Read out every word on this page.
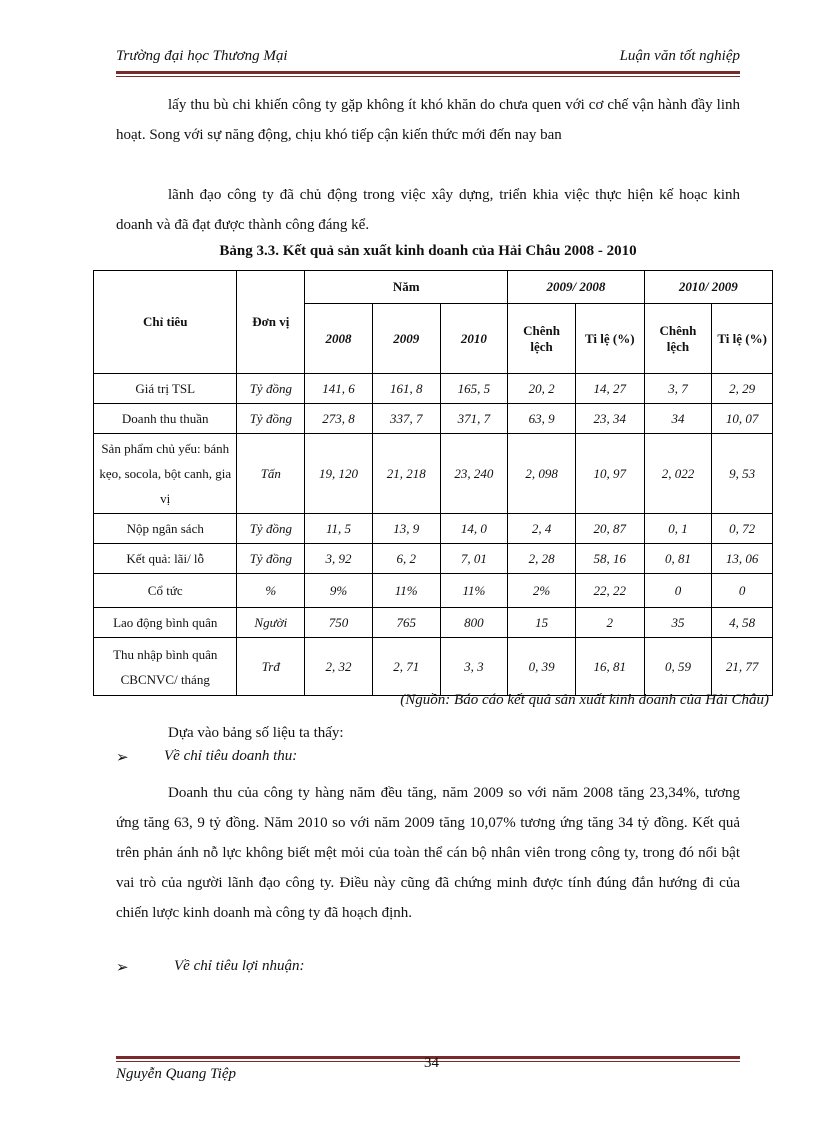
Trường đại học Thương Mại	Luận văn tốt nghiệp
lấy thu bù chi khiến công ty gặp không ít khó khăn do chưa quen với cơ chế vận hành đầy linh hoạt. Song với sự năng động, chịu khó tiếp cận kiến thức mới đến nay ban
lãnh đạo công ty đã chủ động trong việc xây dựng, triển khia việc thực hiện kế hoạc kinh doanh và đã đạt được thành công đáng kể.
Bảng 3.3. Kết quả sản xuất kinh doanh của Hải Châu 2008 - 2010
Chỉ tiêu	Đơn vị	Năm			2009/ 2008		2010/ 2009	
		2008	2009	2010	Chênh lệch	Ti lệ (%)	Chênh lệch	Ti lệ (%)
Giá trị TSL	Tỷ đồng	141, 6	161, 8	165, 5	20, 2	14, 27	3, 7	2, 29
Doanh thu thuần	Tỷ đồng	273, 8	337, 7	371, 7	63, 9	23, 34	34	10, 07
Sản phẩm chủ yếu: bánh kẹo, socola, bột canh, gia vị	Tấn	19, 120	21, 218	23, 240	2, 098	10, 97	2, 022	9, 53
Nộp ngân sách	Tỷ đồng	11, 5	13, 9	14, 0	2, 4	20, 87	0, 1	0, 72
Kết quả: lãi/ lỗ	Tỷ đồng	3, 92	6, 2	7, 01	2, 28	58, 16	0, 81	13, 06
Cổ tức	%	9%	11%	11%	2%	22, 22	0	0
Lao động bình quân	Người	750	765	800	15	2	35	4, 58
Thu nhập bình quân CBCNVC/ tháng	Trđ	2, 32	2, 71	3, 3	0, 39	16, 81	0, 59	21, 77
(Nguồn: Báo cáo kết quả sản xuất kinh doanh của Hải Châu)
Dựa vào bảng số liệu ta thấy:
➢ Về chỉ tiêu doanh thu:
Doanh thu của công ty hàng năm đều tăng, năm 2009 so với năm 2008 tăng 23,34%, tương ứng tăng 63, 9 tỷ đồng. Năm 2010 so với năm 2009 tăng 10,07% tương ứng tăng 34 tỷ đồng. Kết quả trên phản ánh nỗ lực không biết mệt mỏi của toàn thể cán bộ nhân viên trong công ty, trong đó nổi bật vai trò của người lãnh đạo công ty. Điều này cũng đã chứng minh được tính đúng đắn hướng đi của chiến lược kinh doanh mà công ty đã hoạch định.
➢	Về chỉ tiêu lợi nhuận:
34
Nguyễn Quang Tiệp
